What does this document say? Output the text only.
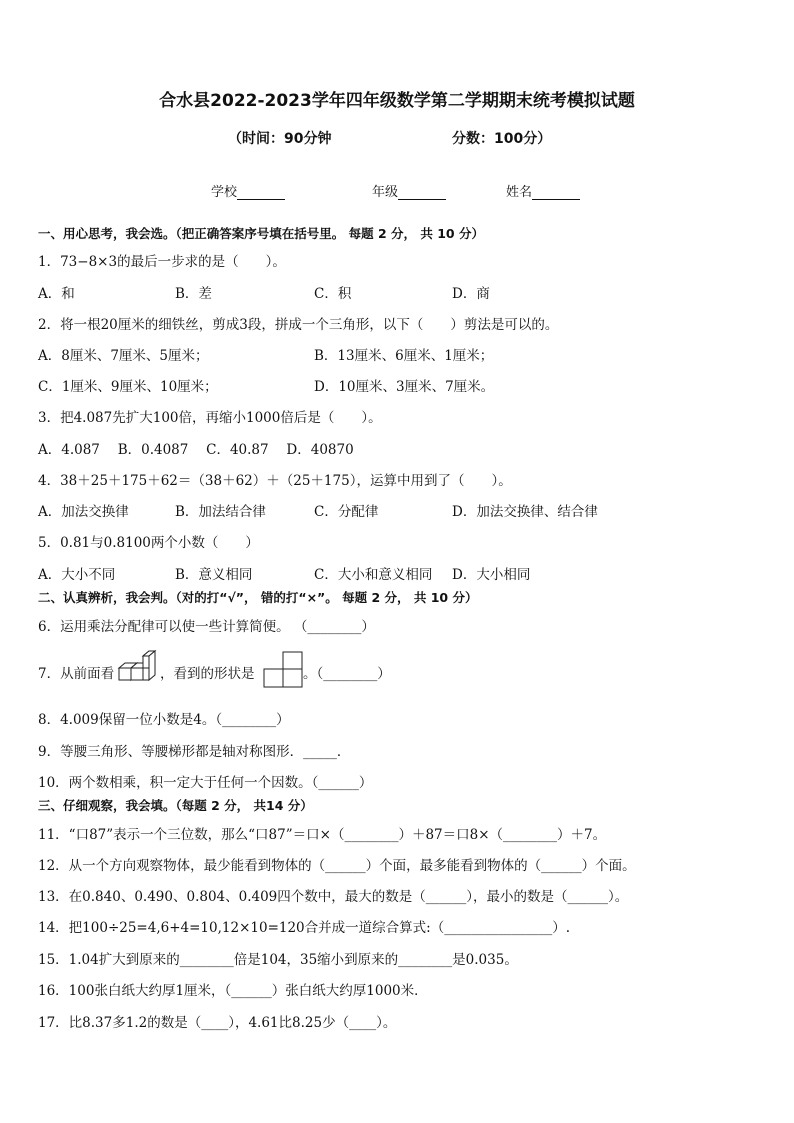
合水县2022-2023学年四年级数学第二学期期末统考模拟试题
（时间：90分钟	分数：100分）
学校	年级	姓名
一、用心思考，我会选。（把正确答案序号填在括号里。 每题 2 分， 共 10 分）
1．73−8×3的最后一步求的是（　　）。
A．和	B．差	C．积	D．商
2．将一根20厘米的细铁丝，剪成3段，拼成一个三角形，以下（　　）剪法是可以的。
A．8厘米、7厘米、5厘米；	B．13厘米、6厘米、1厘米；
C．1厘米、9厘米、10厘米；	D．10厘米、3厘米、7厘米。
3．把4.087先扩大100倍，再缩小1000倍后是（　　）。
A．4.087　 B．0.4087　 C．40.87　 D．40870
4．38＋25＋175＋62＝（38＋62）＋（25＋175），运算中用到了（　　）。
A．加法交换律	B．加法结合律	C．分配律	D．加法交换律、结合律
5．0.81与0.8100两个小数（　　）
A．大小不同	B．意义相同	C．大小和意义相同 D．大小相同
二、认真辨析，我会判。（对的打“√”， 错的打“×”。 每题 2 分， 共 10 分）
6．运用乘法分配律可以使一些计算简便。 （________）
7．从前面看	，看到的形状是	。（________）
8．4.009保留一位小数是4。（________）
9．等腰三角形、等腰梯形都是轴对称图形．_____．
10．两个数相乘，积一定大于任何一个因数。（______）
三、仔细观察，我会填。（每题 2 分， 共14 分）
11．“口87”表示一个三位数，那么“口87”＝口×（________）＋87＝口8×（________）＋7。
12．从一个方向观察物体，最少能看到物体的（______）个面，最多能看到物体的（______）个面。
13．在0.840、0.490、0.804、0.409四个数中，最大的数是（______），最小的数是（______）。
14．把100÷25=4,6+4=10,12×10=120合并成一道综合算式:（________________）.
15．1.04扩大到原来的________倍是104，35缩小到原来的________是0.035。
16．100张白纸大约厚1厘米，（______）张白纸大约厚1000米．
17．比8.37多1.2的数是（____），4.61比8.25少（____）。
